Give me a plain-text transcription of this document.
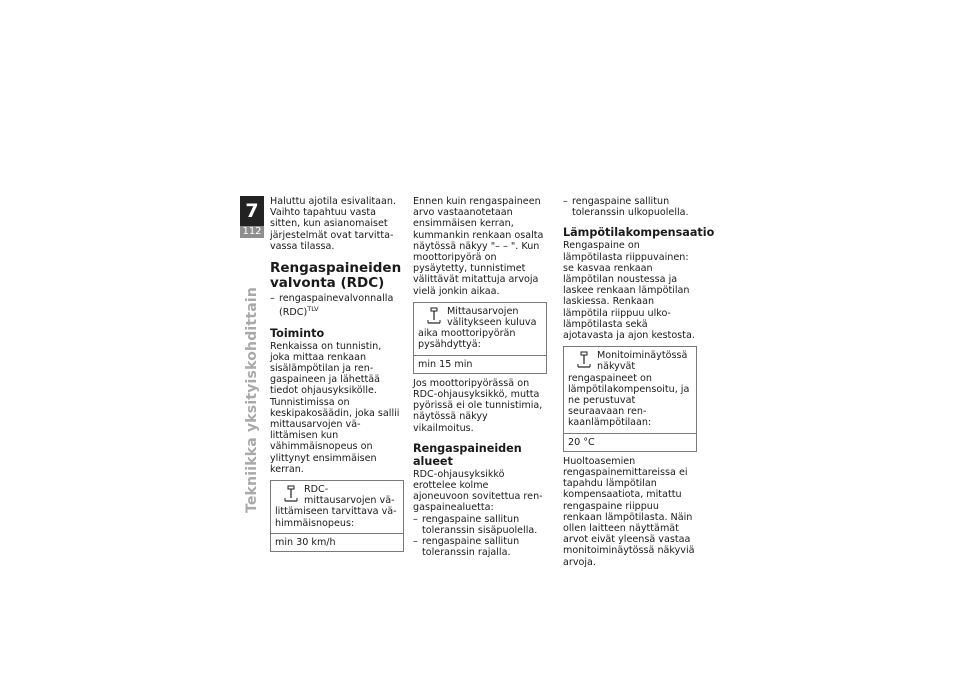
7
112
Tekniikka yksityiskohdittain

Haluttu ajotila esivalitaan. Vaihto tapahtuu vasta sitten, kun asianomaiset järjestelmät ovat tarvittavassa tilassa.

Rengaspaineiden valvonta (RDC)
– rengaspainevalvonnalla (RDC)$^{TLV}$
Toiminto

Renkaissa on tunnistin, joka mittaa renkaan sisälämpötilan ja rengaspaineen ja lähettää tiedot ohjausyksikölle.

Tunnistimissa on keskipakosäädin, joka sallii mittausarvojen välittämisen kun vähimmäisnopeus on ylittynyt ensimmäisen kerran.

RDC-mittausarvojen välittämiseen tarvittava vähimmäisnopeus:
min 30 km/h

Ennen kuin rengaspaineen arvo vastaanotetaan ensimmäisen kerran, kummankin renkaan osalta näytössä näkyy "– – ". Kun moottoripyörä on pysäytetty, tunnistimet välittävät mitattuja arvoja vielä jonkin aikaa.

Mittausarvojen välitykseen kuluva aika moottoripyörän pysähdyttyä:
min 15 min

Jos moottoripyörässä on RDC-ohjausyksikkö, mutta pyörissä ei ole tunnistimia, näytössä näkyy vikailmoitus.

Rengaspaineiden alueet

RDC-ohjausyksikkö erottelee kolme ajoneuvoon sovitettua rengaspainealuetta:

– rengaspaine sallitun toleranssin sisäpuolella.
– rengaspaine sallitun toleranssin rajalla.
– rengaspaine sallitun toleranssin ulkopuolella.
Lämpötilakompensaatio

Rengaspaine on lämpötilasta riippuvainen: se kasvaa renkaan lämpötilan noustessa ja laskee renkaan lämpötilan laskiessa. Renkaan lämpötila riippuu ulkolämpötilasta sekä ajotavasta ja ajon kestosta.

Monitoiminäytössä näkyvät rengaspaineet on lämpötilakompensoitu, ja ne perustuvat seuraavaan renkaanlämpötilaan:
20 °C

Huoltoasemien rengaspainemittareissa ei tapahdu lämpötilan kompensaatiota, mitattu rengaspaine riippuu renkaan lämpötilasta. Näin ollen laitteen näyttämät arvot eivät yleensä vastaa monitoiminäytössä näkyviä arvoja.
